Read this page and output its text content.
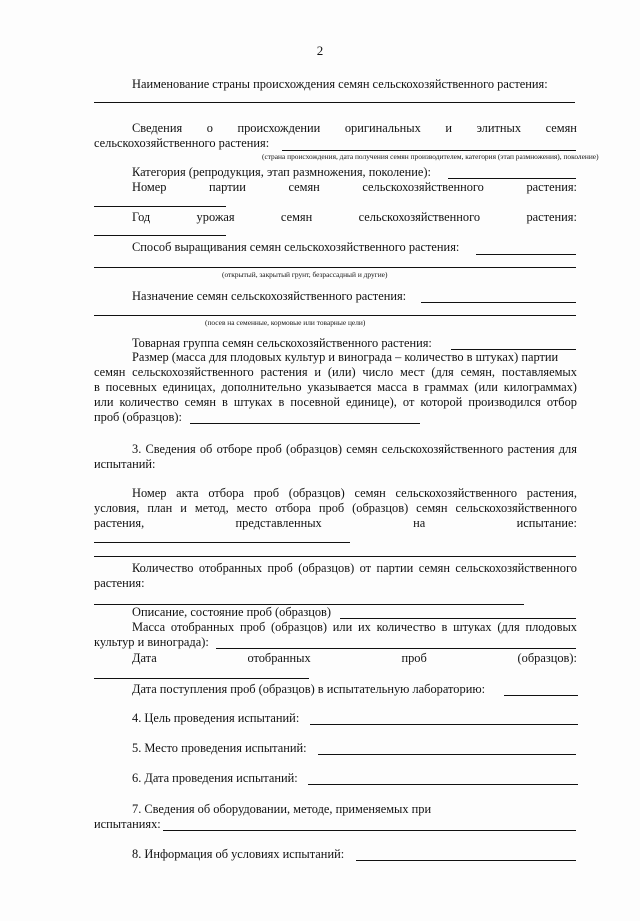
2
Наименование страны происхождения семян сельскохозяйственного растения:
Сведения о происхождении оригинальных и элитных семян
сельскохозяйственного растения:
(страна происхождения, дата получения семян производителем, категория (этап размножения), поколение)
Категория (репродукция, этап размножения, поколение):
Номер	партии	семян	сельскохозяйственного	растения:
Год	урожая	семян	сельскохозяйственного	растения:
Способ выращивания семян сельскохозяйственного растения:
(открытый, закрытый грунт, безрассадный и другие)
Назначение семян сельскохозяйственного растения:
(посев на семенные, кормовые или товарные цели)
Товарная группа семян сельскохозяйственного растения:
Размер (масса для плодовых культур и винограда – количество в штуках) партии
семян сельскохозяйственного растения и (или) число мест (для семян, поставляемых
в посевных единицах, дополнительно указывается масса в граммах (или килограммах)
или количество семян в штуках в посевной единице), от которой производился отбор
проб (образцов):
3. Сведения об отборе проб (образцов) семян сельскохозяйственного растения для
испытаний:
Номер акта отбора проб (образцов) семян сельскохозяйственного растения,
условия, план и метод, место отбора проб (образцов) семян сельскохозяйственного
растения,	представленных	на	испытание:
Количество отобранных проб (образцов) от партии семян сельскохозяйственного
растения:
Описание, состояние проб (образцов)
Масса отобранных проб (образцов) или их количество в штуках (для плодовых
культур и винограда):
Дата	отобранных	проб	(образцов):
Дата поступления проб (образцов) в испытательную лабораторию:
4. Цель проведения испытаний:
5. Место проведения испытаний:
6. Дата проведения испытаний:
7. Сведения об оборудовании, методе, применяемых при
испытаниях:
8. Информация об условиях испытаний:
